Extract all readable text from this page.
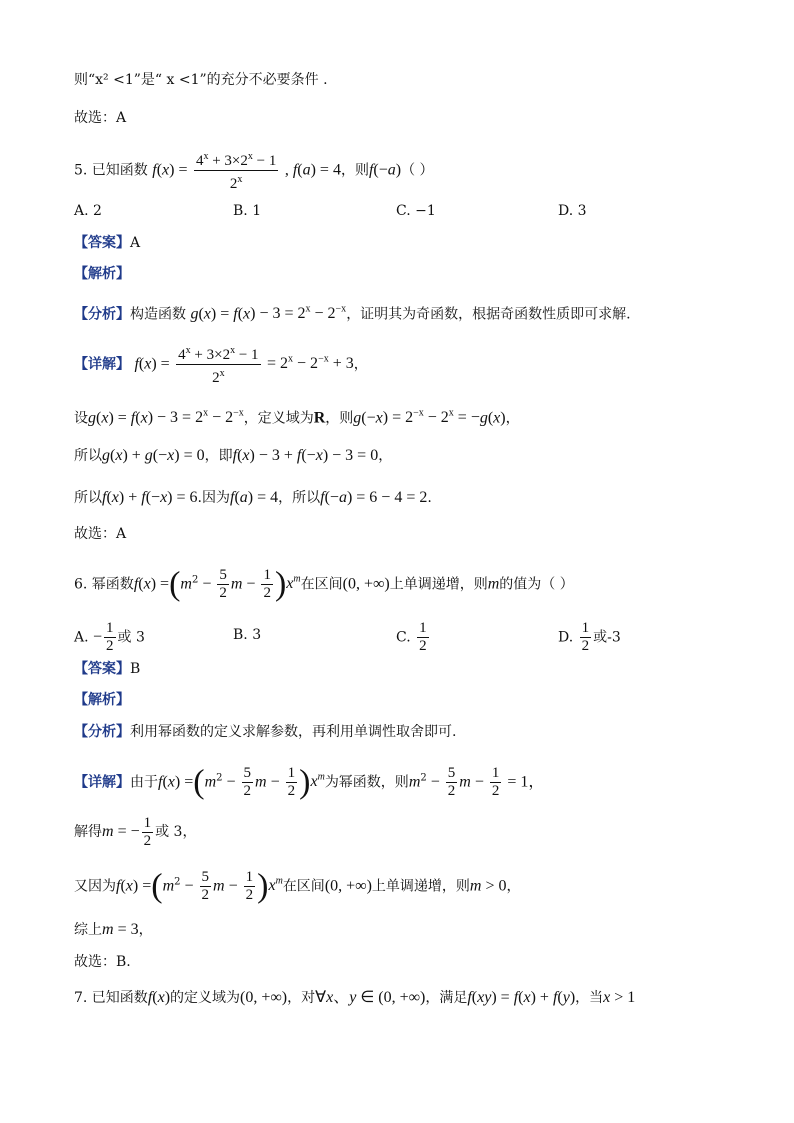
则“x² <1”是“ x <1”的充分不必要条件 .
故选：A
5. 已知函数 $f(x) = \frac{4^x + 3\times 2^x - 1}{2^x}$ , f(a) = 4，则f(−a)（ ）
A. 2	B. 1	C. −1	D. 3
【答案】A
【解析】
【分析】构造函数 $g(x) = f(x) - 3 = 2^x - 2^{-x}$，证明其为奇函数，根据奇函数性质即可求解.
【详解】 $f(x) = \frac{4^x + 3\times 2^x - 1}{2^x} = 2^x - 2^{-x} + 3$，
设$g(x) = f(x) - 3 = 2^x - 2^{-x}$，定义域为R，则$g(-x) = 2^{-x} - 2^x = -g(x)$，
所以g(x) + g(−x) = 0，即f(x) − 3 + f(−x) − 3 = 0，
所以f(x) + f(−x) = 6.因为f(a) = 4，所以f(−a) = 6 − 4 = 2.
故选：A
6. 幂函数$f(x) =(m^2 - \frac{5}{2}$ $m - \frac{1}{2} )x^m$在区间(0, +∞)上单调递增，则m的值为（ ）
A. − $\frac{1}{2}$ 或 3	B. 3	C. $\frac{1}{2}$	D. $\frac{1}{2}$ 或-3
【答案】B
【解析】
【分析】利用幂函数的定义求解参数，再利用单调性取舍即可.
【详解】由于$f(x) =(m^2 - \frac{5}{2}$ $m - \frac{1}{2} )x^m$为幂函数，则$m^2 - \frac{5}{2}$ $m - \frac{1}{2} = 1$，
解得m = − $\frac{1}{2}$ 或 3，
又因为$f(x) =(m^2 - \frac{5}{2}$ $m - \frac{1}{2} )x^m$在区间(0, +∞)上单调递增，则m > 0，
综上m = 3，
故选：B.
7. 已知函数f(x)的定义域为(0, +∞)，对∀x、y ∈ (0, +∞)，满足f(xy) = f(x) + f(y)，当x > 1
